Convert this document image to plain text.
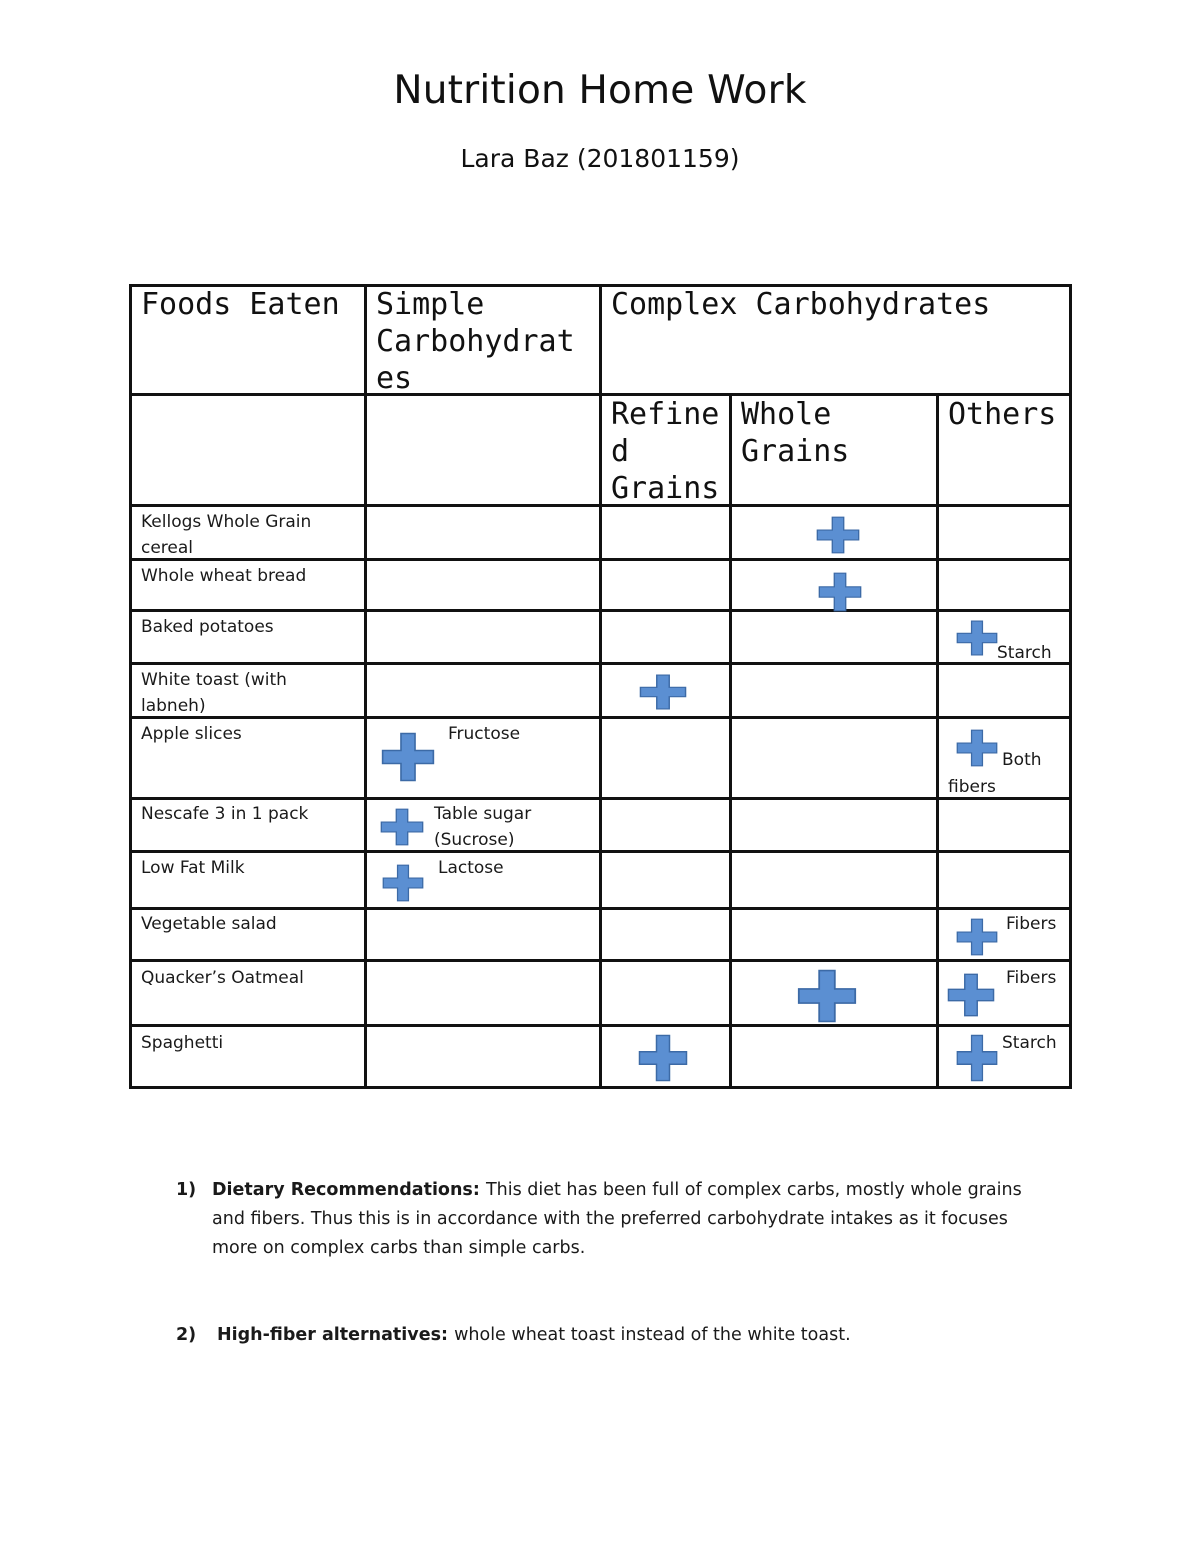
Nutrition Home Work
Lara Baz (201801159)
Foods Eaten Simple
Carbohydrat
es
Complex Carbohydrates
Refine
d
Grains
Whole
Grains
Others
Kellogs Whole Grain
cereal
Whole wheat bread
Baked potatoes
White toast (with
labneh)
Apple slices
Nescafe 3 in 1 pack
Low Fat Milk
Vegetable salad
Quacker’s Oatmeal
Spaghetti
Starch
Fructose
Both
fibers
Table sugar
(Sucrose)
Lactose
Fibers
Fibers
Starch
1) Dietary Recommendations: This diet has been full of complex carbs, mostly whole grains and fibers. Thus this is in accordance with the preferred carbohydrate intakes as it focuses more on complex carbs than simple carbs.
2) High-fiber alternatives: whole wheat toast instead of the white toast.
